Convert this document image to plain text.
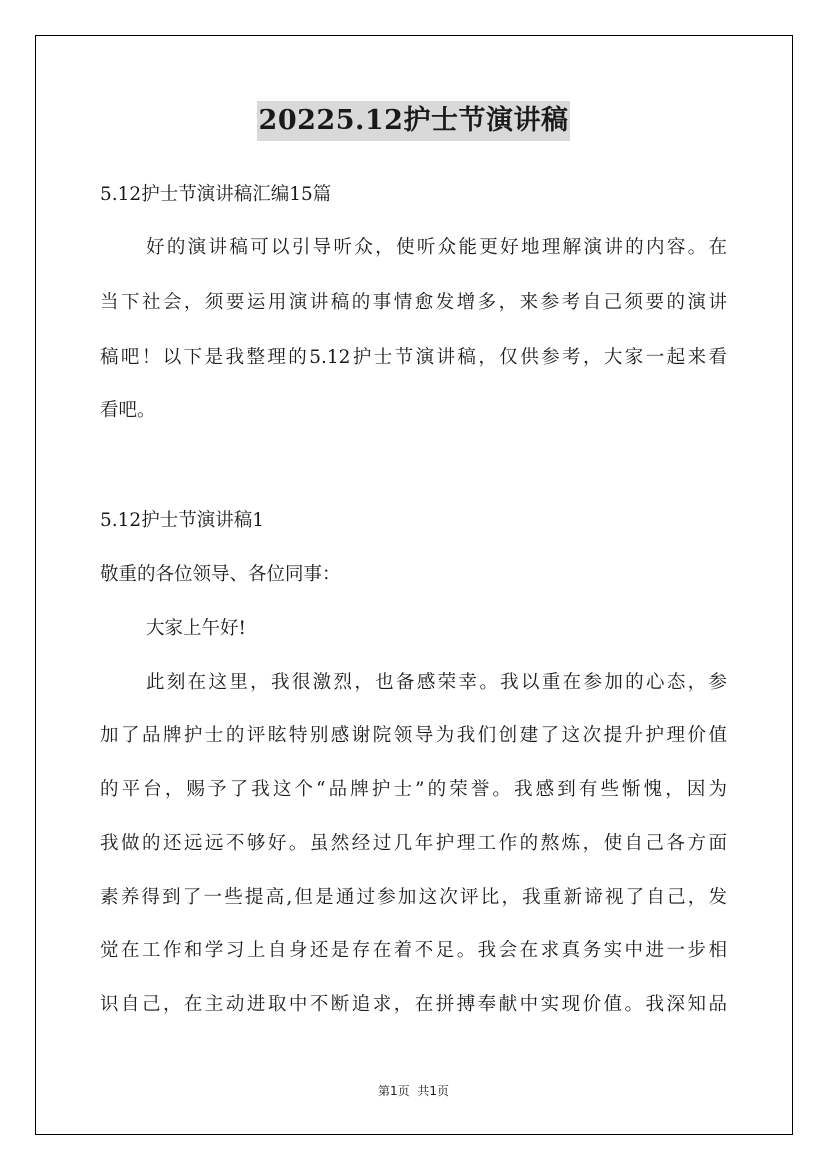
20225.12护士节演讲稿
5.12护士节演讲稿汇编15篇
好的演讲稿可以引导听众，使听众能更好地理解演讲的内容。在
当下社会，须要运用演讲稿的事情愈发增多，来参考自己须要的演讲
稿吧！以下是我整理的5.12护士节演讲稿，仅供参考，大家一起来看
看吧。
5.12护士节演讲稿1
敬重的各位领导、各位同事：
大家上午好!
此刻在这里，我很激烈，也备感荣幸。我以重在参加的心态，参
加了品牌护士的评眩特别感谢院领导为我们创建了这次提升护理价值
的平台，赐予了我这个“品牌护士”的荣誉。我感到有些惭愧，因为
我做的还远远不够好。虽然经过几年护理工作的熬炼，使自己各方面
素养得到了一些提高,但是通过参加这次评比，我重新谛视了自己，发
觉在工作和学习上自身还是存在着不足。我会在求真务实中进一步相
识自己，在主动进取中不断追求，在拼搏奉献中实现价值。我深知品
第1页 共1页
